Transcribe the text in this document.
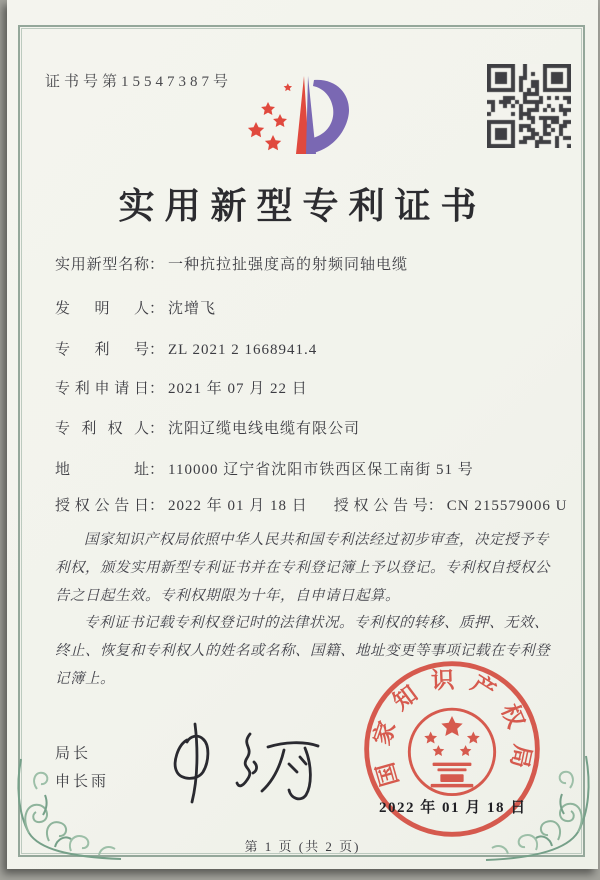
证书号第15547387号
实用新型专利证书
实用新型名称： 一种抗拉扯强度高的射频同轴电缆
发明人： 沈增飞
专利号： ZL 2021 2 1668941.4
专利申请日： 2021 年 07 月 22 日
专利权人： 沈阳辽缆电线电缆有限公司
地址： 110000 辽宁省沈阳市铁西区保工南街 51 号
授权公告日： 2022 年 01 月 18 日 授权公告号： CN 215579006 U

国家知识产权局依照中华人民共和国专利法经过初步审查，决定授予专利权，颁发实用新型专利证书并在专利登记簿上予以登记。专利权自授权公告之日起生效。专利权期限为十年，自申请日起算。

专利证书记载专利权登记时的法律状况。专利权的转移、质押、无效、终止、恢复和专利权人的姓名或名称、国籍、地址变更等事项记载在专利登记簿上。

局长
申长雨	国家知识产权局
2022 年 01 月 18 日
第 1 页 (共 2 页)
